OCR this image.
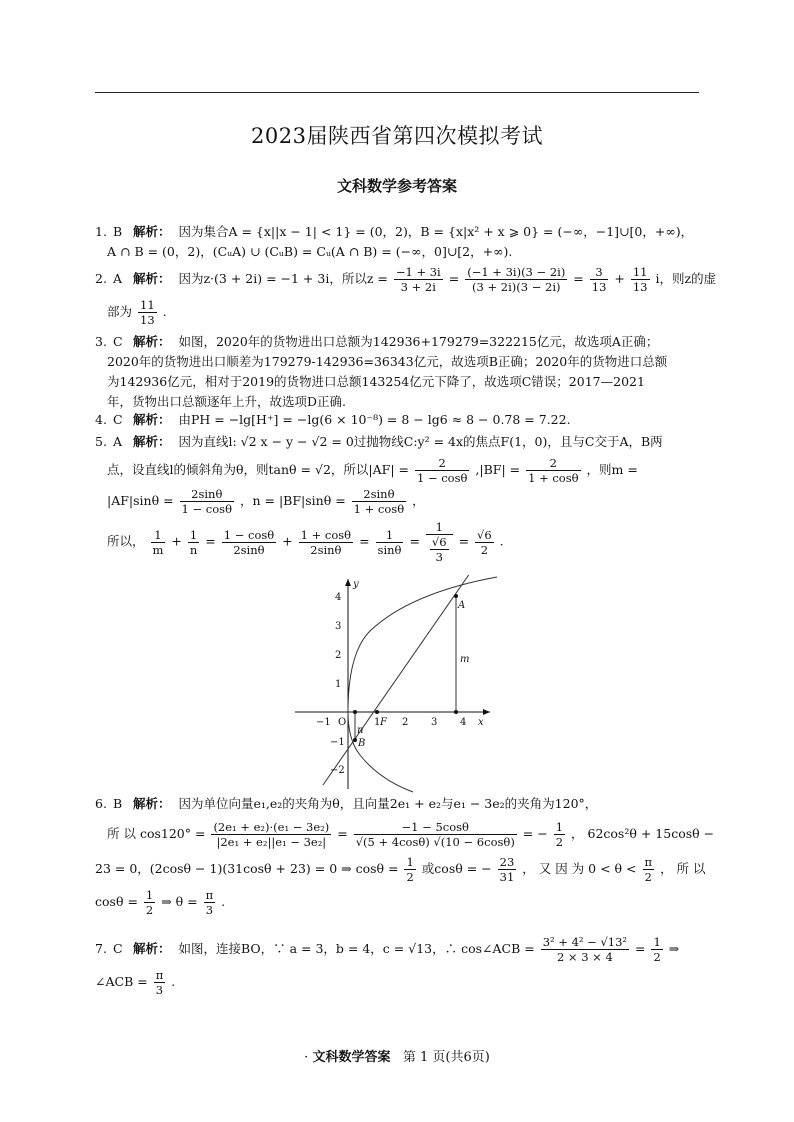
2023届陕西省第四次模拟考试
文科数学参考答案
1. B 解析： 因为集合A = {x||x − 1| < 1} = (0，2)，B = {x|x² + x ⩾ 0} = (−∞，−1]∪[0，+∞)，
A ∩ B = (0，2)，(CᵤA) ∪ (CᵤB) = Cᵤ(A ∩ B) = (−∞，0]∪[2，+∞).
2. A 解析： 因为z·(3 + 2i) = −1 + 3i，所以$z = \frac{-1 + 3i}{3 + 2i} = \frac{(-1 + 3i)(3 - 2i)}{(3 + 2i)(3 - 2i)} = \frac{3}{13} + \frac{11}{13}$ i，则z的虚
部为 $\frac{11}{13}$ .
3. C 解析： 如图，2020年的货物进出口总额为142936+179279=322215亿元，故选项A正确；
2020年的货物进出口顺差为179279-142936=36343亿元，故选项B正确；2020年的货物进口总额
为142936亿元，相对于2019的货物进口总额143254亿元下降了，故选项C错误；2017—2021
年，货物出口总额逐年上升，故选项D正确.
4. C 解析： 由PH = −lg[H⁺] = −lg(6 × 10⁻⁸) = 8 − lg6 ≈ 8 − 0.78 = 7.22.
5. A 解析： 因为直线l: √2 x − y − √2 = 0过抛物线C:y² = 4x的焦点F(1，0)，且与C交于A，B两
点，设直线l的倾斜角为θ，则tanθ = √2，所以$|AF| = \frac{2}{1 - \cos\theta} ,|BF| = \frac{2}{1 + \cos\theta}$ ，则m =
$|AF|\sin\theta = \frac{2\sin\theta}{1 - \cos\theta}$ ，$n = |BF|\sin\theta = \frac{2\sin\theta}{1 + \cos\theta}$ ，
所以， $\frac{1}{m} + \frac{1}{n} = \frac{1 - \cos\theta}{2\sin\theta} + \frac{1 + \cos\theta}{2\sin\theta} = \frac{1}{\sin\theta} = \frac{1}{\frac{√6}{3}} = \frac{√6}{2}$ .
−1	1 2 3 4
4
3
2
1
−1
−2
x
y
O
A
B
F
m
n
6. B 解析： 因为单位向量e₁,e₂的夹角为θ，且向量2e₁ + e₂与e₁ − 3e₂的夹角为120°，
所 以 $\cos 120^\circ = \frac{\text{(2e₁ + e₂)·(e₁ − 3e₂)}}{\text{|2e₁ + e₂||e₁ − 3e₂|}} = \frac{-1 - 5\cos\theta}{√(5 + 4\cos\theta) √(10 - 6\cos\theta)}$ = − $\frac{1}{2}$ ， 62cos²θ + 15cosθ −
23 = 0，(2cosθ − 1)(31cosθ + 23) = 0 ⇒ $\cos\theta = \frac{1}{2}$ 或cosθ = − $\frac{23}{31}$ ， 又 因 为 $0 < \theta < \frac{\pi}{2}$ ， 所 以
$\cos\theta = \frac{1}{2}$ ⇒ $\theta = \frac{\pi}{3}$ .
7. C 解析： 如图，连接BO，∵ a = 3，b = 4，c = √13，∴ cos∠ACB = $\frac{\text{3² + 4² − √13²}}{2 \times 3 \times 4} = \frac{1}{2}$ ⇒
∠ACB = $\frac{\pi}{3}$ .
· 文科数学答案 第 1 页(共6页)
